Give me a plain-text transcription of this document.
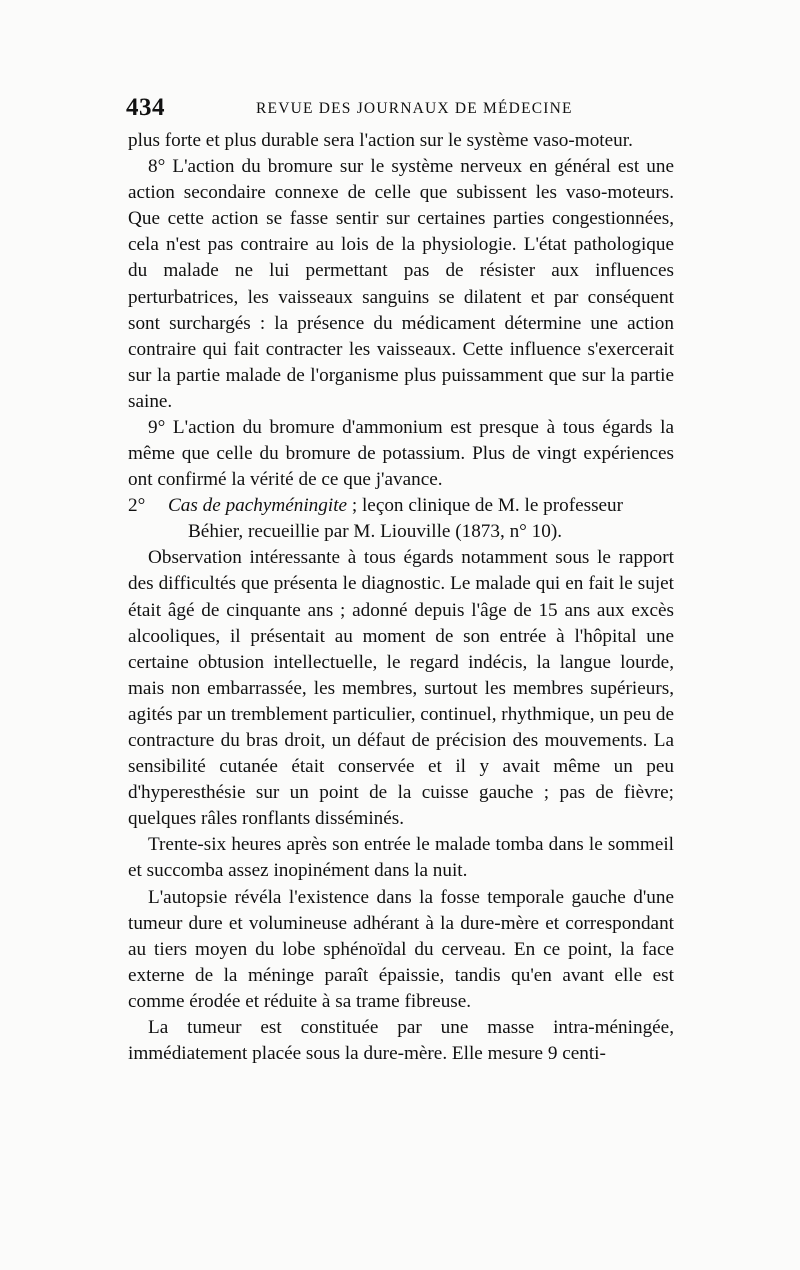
434	REVUE DES JOURNAUX DE MÉDECINE

plus forte et plus durable sera l'action sur le système vaso-moteur.

8° L'action du bromure sur le système nerveux en général est une action secondaire connexe de celle que subissent les vaso-moteurs. Que cette action se fasse sentir sur certaines parties congestionnées, cela n'est pas contraire au lois de la physiologie. L'état pathologique du malade ne lui permettant pas de résister aux influences perturbatrices, les vaisseaux sanguins se dilatent et par conséquent sont surchargés : la présence du médicament détermine une action contraire qui fait contracter les vaisseaux. Cette influence s'exercerait sur la partie malade de l'organisme plus puissamment que sur la partie saine.

9° L'action du bromure d'ammonium est presque à tous égards la même que celle du bromure de potassium. Plus de vingt expériences ont confirmé la vérité de ce que j'avance.

2° Cas de pachyméningite ; leçon clinique de M. le professeur
Béhier, recueillie par M. Liouville (1873, n° 10).

Observation intéressante à tous égards notamment sous le rapport des difficultés que présenta le diagnostic. Le malade qui en fait le sujet était âgé de cinquante ans ; adonné depuis l'âge de 15 ans aux excès alcooliques, il présentait au moment de son entrée à l'hôpital une certaine obtusion intellectuelle, le regard indécis, la langue lourde, mais non embarrassée, les membres, surtout les membres supérieurs, agités par un tremblement particulier, continuel, rhythmique, un peu de contracture du bras droit, un défaut de précision des mouvements. La sensibilité cutanée était conservée et il y avait même un peu d'hyperesthésie sur un point de la cuisse gauche ; pas de fièvre; quelques râles ronflants disséminés.

Trente-six heures après son entrée le malade tomba dans le sommeil et succomba assez inopinément dans la nuit.

L'autopsie révéla l'existence dans la fosse temporale gauche d'une tumeur dure et volumineuse adhérant à la dure-mère et correspondant au tiers moyen du lobe sphénoïdal du cerveau. En ce point, la face externe de la méninge paraît épaissie, tandis qu'en avant elle est comme érodée et réduite à sa trame fibreuse.

La tumeur est constituée par une masse intra-méningée, immédiatement placée sous la dure-mère. Elle mesure 9 centi-
